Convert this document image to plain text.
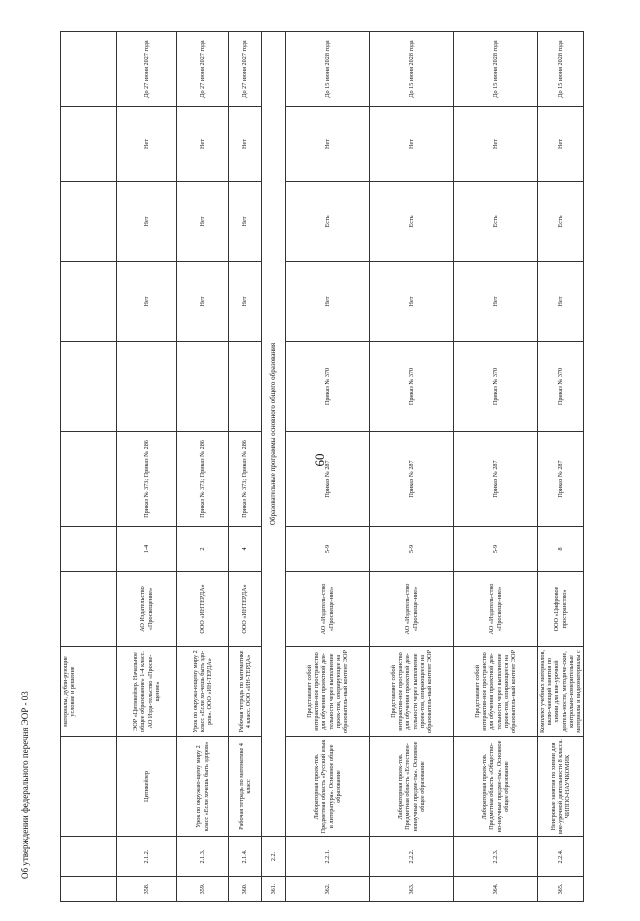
60
Об утверждении федерального перечня ЭОР - 03
				материалы, дубли-рующие условие и решение								
358.	2.1.2.	Цитикейзер	ЭОР «Цитикейзер. Начальное общее образование» 1-4 класс. АО Изда-тельство «Просве-щение»	АО Издательство «Просвещение»	1-4	Приказ № 373; Приказ № 286		Нет	Нет	Нет	До 27 июня 2027 года
359.	2.1.3.	Урок по окружаю-щему миру 2 класс «Если хочешь быть здоров»	Урок по окружа-ющему миру 2 класс «Если хо-чешь быть здо-ров». ООО «ИН-ТЕРДА»	ООО «ИНТЕРДА»	2	Приказ № 373; Приказ № 286		Нет	Нет	Нет	До 27 июня 2027 года
360.	2.1.4.	Рабочая тетрадь по математике 4 класс	Рабочая тетрадь по математике 4 класс. ООО «ИН-ТЕРДА»	ООО «ИНТЕРДА»	4	Приказ № 373; Приказ № 286		Нет	Нет	Нет	До 27 июня 2027 года
361.	2.2.	Образовательные программы основного общего образования									
362.	2.2.1.	Лабораторная проек-тов. Предметная область «Русский язык и литература». Основное общее образование	Представляет собой интерактив-ное пространство для обучения проектной дея-тельности через выполнение проек-тов, оперирующее на образователь-ный контент ЭОР	АО «Издатель-ство «Просвеще-ние»	5-9	Приказ № 287	Приказ № 370	Нет	Есть	Нет	До 15 июня 2028 года
363.	2.2.2.	Лабораторная проек-тов. Предметная область «Естествен-нонаучные предме-ты». Основное общее образование	Представляет собой интерактив-ное пространство для обучения проектной дея-тельности через выполнение проек-тов, опирающееся на образователь-ный контент ЭОР	АО «Издатель-ство «Просвеще-ние»	5-9	Приказ № 287	Приказ № 370	Нет	Есть	Нет	До 15 июня 2028 года
364.	2.2.3.	Лабораторная проек-тов. Предметная область «Общество-но-научные предме-ты». Основное общее образование	Представляет собой интерактив-ное пространство для обучения проектной дея-тельности через выполнение проек-тов, опирающееся на образователь-ный контент ЭОР	АО «Издатель-ство «Просвеще-ние»	5-9	Приказ № 287	Приказ № 370	Нет	Есть	Нет	До 15 июня 2028 года
365.	2.2.4.	Неигровые занятия по химии для вне-урочной деятельности 8 класса. ЧИППО-НАУЧКОМИК	Комплект учебных материалов, вклю-чающий занятия по химии для вне-урочной деятель-ности, методиче-ские, контрольно-измерительные материалы и видеоматериалы с	ООО «Цифровое пространство»	8	Приказ № 287	Приказ № 370	Нет	Есть	Нет	До 15 июня 2028 года
